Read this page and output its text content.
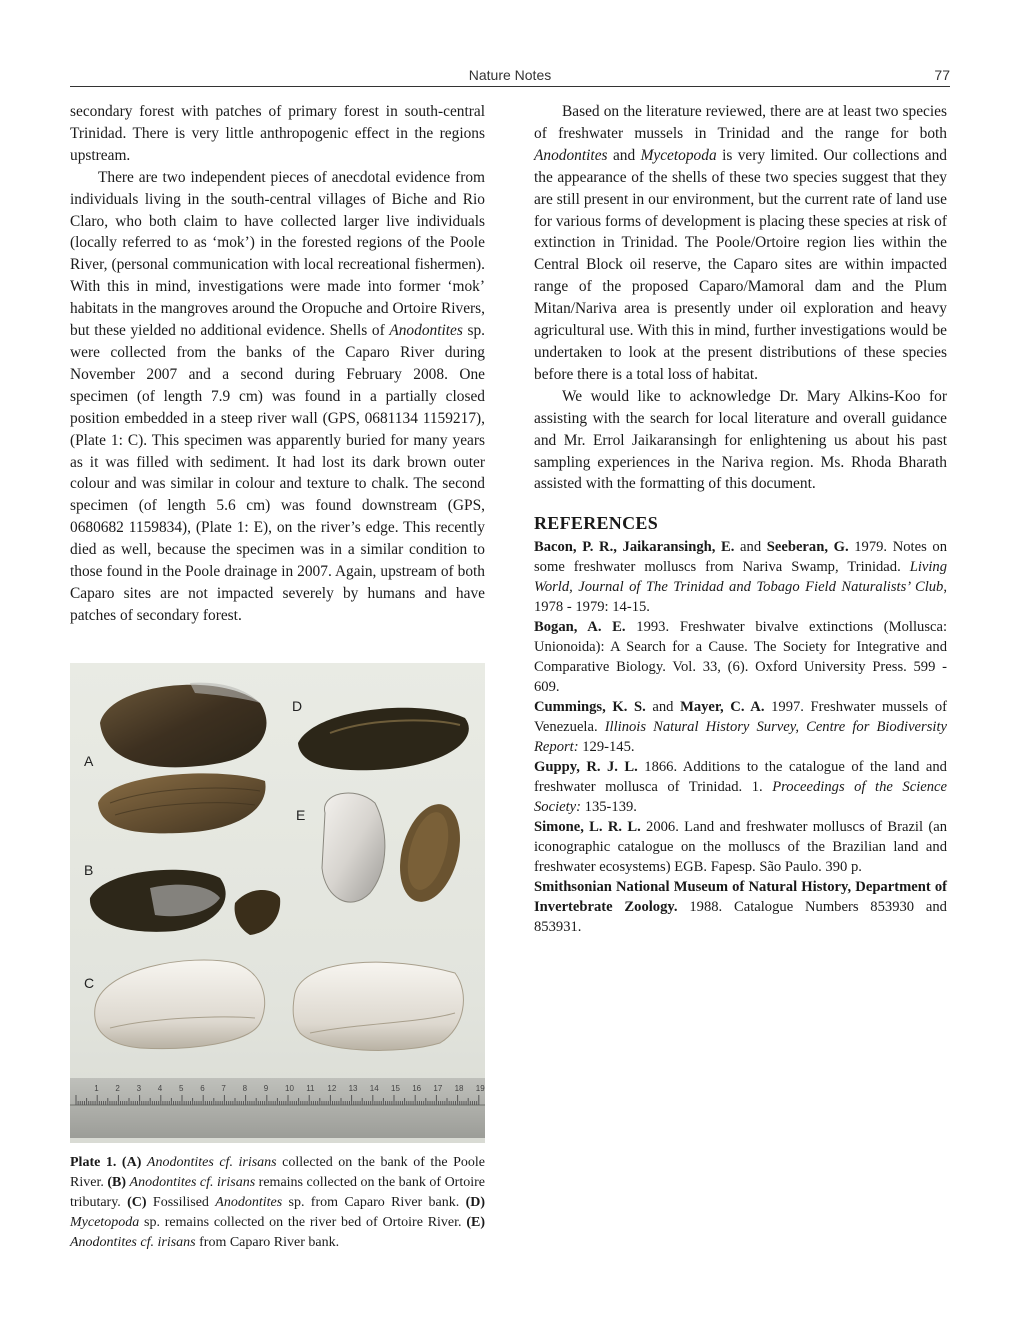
Nature Notes	77

secondary forest with patches of primary forest in south-central Trinidad. There is very little anthropogenic effect in the regions upstream.

There are two independent pieces of anecdotal evidence from individuals living in the south-central villages of Biche and Rio Claro, who both claim to have collected larger live individuals (locally referred to as ‘mok’) in the forested regions of the Poole River, (personal communication with local recreational fishermen). With this in mind, investigations were made into former ‘mok’ habitats in the mangroves around the Oropuche and Ortoire Rivers, but these yielded no additional evidence. Shells of Anodontites sp. were collected from the banks of the Caparo River during November 2007 and a second during February 2008. One specimen (of length 7.9 cm) was found in a partially closed position embedded in a steep river wall (GPS, 0681134 1159217), (Plate 1: C). This specimen was apparently buried for many years as it was filled with sediment. It had lost its dark brown outer colour and was similar in colour and texture to chalk. The second specimen (of length 5.6 cm) was found downstream (GPS, 0680682 1159834), (Plate 1: E), on the river’s edge. This recently died as well, because the specimen was in a similar condition to those found in the Poole drainage in 2007. Again, upstream of both Caparo sites are not impacted severely by humans and have patches of secondary forest.

A
D
E
B
C
1 2 3 4 5 6 7 8 9 10 11 12 13 14 15 16 17 18 19
Plate 1. (A) Anodontites cf. irisans collected on the bank of the Poole River. (B) Anodontites cf. irisans remains collected on the bank of Ortoire tributary. (C) Fossilised Anodontites sp. from Caparo River bank. (D) Mycetopoda sp. remains collected on the river bed of Ortoire River. (E) Anodontites cf. irisans from Caparo River bank.

Based on the literature reviewed, there are at least two species of freshwater mussels in Trinidad and the range for both Anodontites and Mycetopoda is very limited. Our collections and the appearance of the shells of these two species suggest that they are still present in our environment, but the current rate of land use for various forms of development is placing these species at risk of extinction in Trinidad. The Poole/Ortoire region lies within the Central Block oil reserve, the Caparo sites are within impacted range of the proposed Caparo/Mamoral dam and the Plum Mitan/Nariva area is presently under oil exploration and heavy agricultural use. With this in mind, further investigations would be undertaken to look at the present distributions of these species before there is a total loss of habitat.

We would like to acknowledge Dr. Mary Alkins-Koo for assisting with the search for local literature and overall guidance and Mr. Errol Jaikaransingh for enlightening us about his past sampling experiences in the Nariva region. Ms. Rhoda Bharath assisted with the formatting of this document.

REFERENCES

Bacon, P. R., Jaikaransingh, E. and Seeberan, G. 1979. Notes on some freshwater molluscs from Nariva Swamp, Trinidad. Living World, Journal of The Trinidad and Tobago Field Naturalists’ Club, 1978 - 1979: 14-15.

Bogan, A. E. 1993. Freshwater bivalve extinctions (Mollusca: Unionoida): A Search for a Cause. The Society for Integrative and Comparative Biology. Vol. 33, (6). Oxford University Press. 599 - 609.

Cummings, K. S. and Mayer, C. A. 1997. Freshwater mussels of Venezuela. Illinois Natural History Survey, Centre for Biodiversity Report: 129-145.

Guppy, R. J. L. 1866. Additions to the catalogue of the land and freshwater mollusca of Trinidad. 1. Proceedings of the Science Society: 135-139.

Simone, L. R. L. 2006. Land and freshwater molluscs of Brazil (an iconographic catalogue on the molluscs of the Brazilian land and freshwater ecosystems) EGB. Fapesp. São Paulo. 390 p.

Smithsonian National Museum of Natural History, Department of Invertebrate Zoology. 1988. Catalogue Numbers 853930 and 853931.
